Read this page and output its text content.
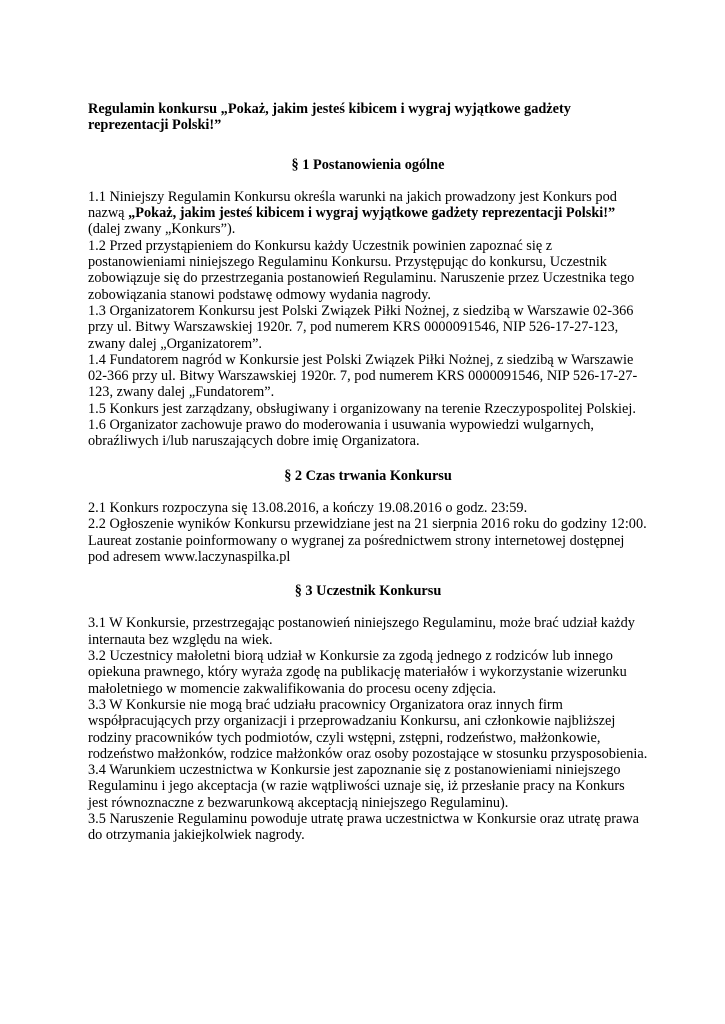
Regulamin konkursu „Pokaż, jakim jesteś kibicem i wygraj wyjątkowe gadżety reprezentacji Polski!”

§ 1 Postanowienia ogólne

1.1 Niniejszy Regulamin Konkursu określa warunki na jakich prowadzony jest Konkurs pod nazwą „Pokaż, jakim jesteś kibicem i wygraj wyjątkowe gadżety reprezentacji Polski!” (dalej zwany „Konkurs”).

1.2 Przed przystąpieniem do Konkursu każdy Uczestnik powinien zapoznać się z postanowieniami niniejszego Regulaminu Konkursu. Przystępując do konkursu, Uczestnik zobowiązuje się do przestrzegania postanowień Regulaminu. Naruszenie przez Uczestnika tego zobowiązania stanowi podstawę odmowy wydania nagrody.

1.3 Organizatorem Konkursu jest Polski Związek Piłki Nożnej, z siedzibą w Warszawie 02-366 przy ul. Bitwy Warszawskiej 1920r. 7, pod numerem KRS 0000091546, NIP 526-17-27-123, zwany dalej „Organizatorem”.

1.4 Fundatorem nagród w Konkursie jest Polski Związek Piłki Nożnej, z siedzibą w Warszawie 02-366 przy ul. Bitwy Warszawskiej 1920r. 7, pod numerem KRS 0000091546, NIP 526-17-27-123, zwany dalej „Fundatorem”.

1.5 Konkurs jest zarządzany, obsługiwany i organizowany na terenie Rzeczypospolitej Polskiej.

1.6 Organizator zachowuje prawo do moderowania i usuwania wypowiedzi wulgarnych, obraźliwych i/lub naruszających dobre imię Organizatora.

§ 2 Czas trwania Konkursu

2.1 Konkurs rozpoczyna się 13.08.2016, a kończy 19.08.2016 o godz. 23:59.

2.2 Ogłoszenie wyników Konkursu przewidziane jest na 21 sierpnia 2016 roku do godziny 12:00. Laureat zostanie poinformowany o wygranej za pośrednictwem strony internetowej dostępnej pod adresem www.laczynaspilka.pl

§ 3 Uczestnik Konkursu

3.1 W Konkursie, przestrzegając postanowień niniejszego Regulaminu, może brać udział każdy internauta bez względu na wiek.

3.2 Uczestnicy małoletni biorą udział w Konkursie za zgodą jednego z rodziców lub innego opiekuna prawnego, który wyraża zgodę na publikację materiałów i wykorzystanie wizerunku małoletniego w momencie zakwalifikowania do procesu oceny zdjęcia.

3.3 W Konkursie nie mogą brać udziału pracownicy Organizatora oraz innych firm współpracujących przy organizacji i przeprowadzaniu Konkursu, ani członkowie najbliższej rodziny pracowników tych podmiotów, czyli wstępni, zstępni, rodzeństwo, małżonkowie, rodzeństwo małżonków, rodzice małżonków oraz osoby pozostające w stosunku przysposobienia.

3.4 Warunkiem uczestnictwa w Konkursie jest zapoznanie się z postanowieniami niniejszego Regulaminu i jego akceptacja (w razie wątpliwości uznaje się, iż przesłanie pracy na Konkurs jest równoznaczne z bezwarunkową akceptacją niniejszego Regulaminu).

3.5 Naruszenie Regulaminu powoduje utratę prawa uczestnictwa w Konkursie oraz utratę prawa do otrzymania jakiejkolwiek nagrody.
